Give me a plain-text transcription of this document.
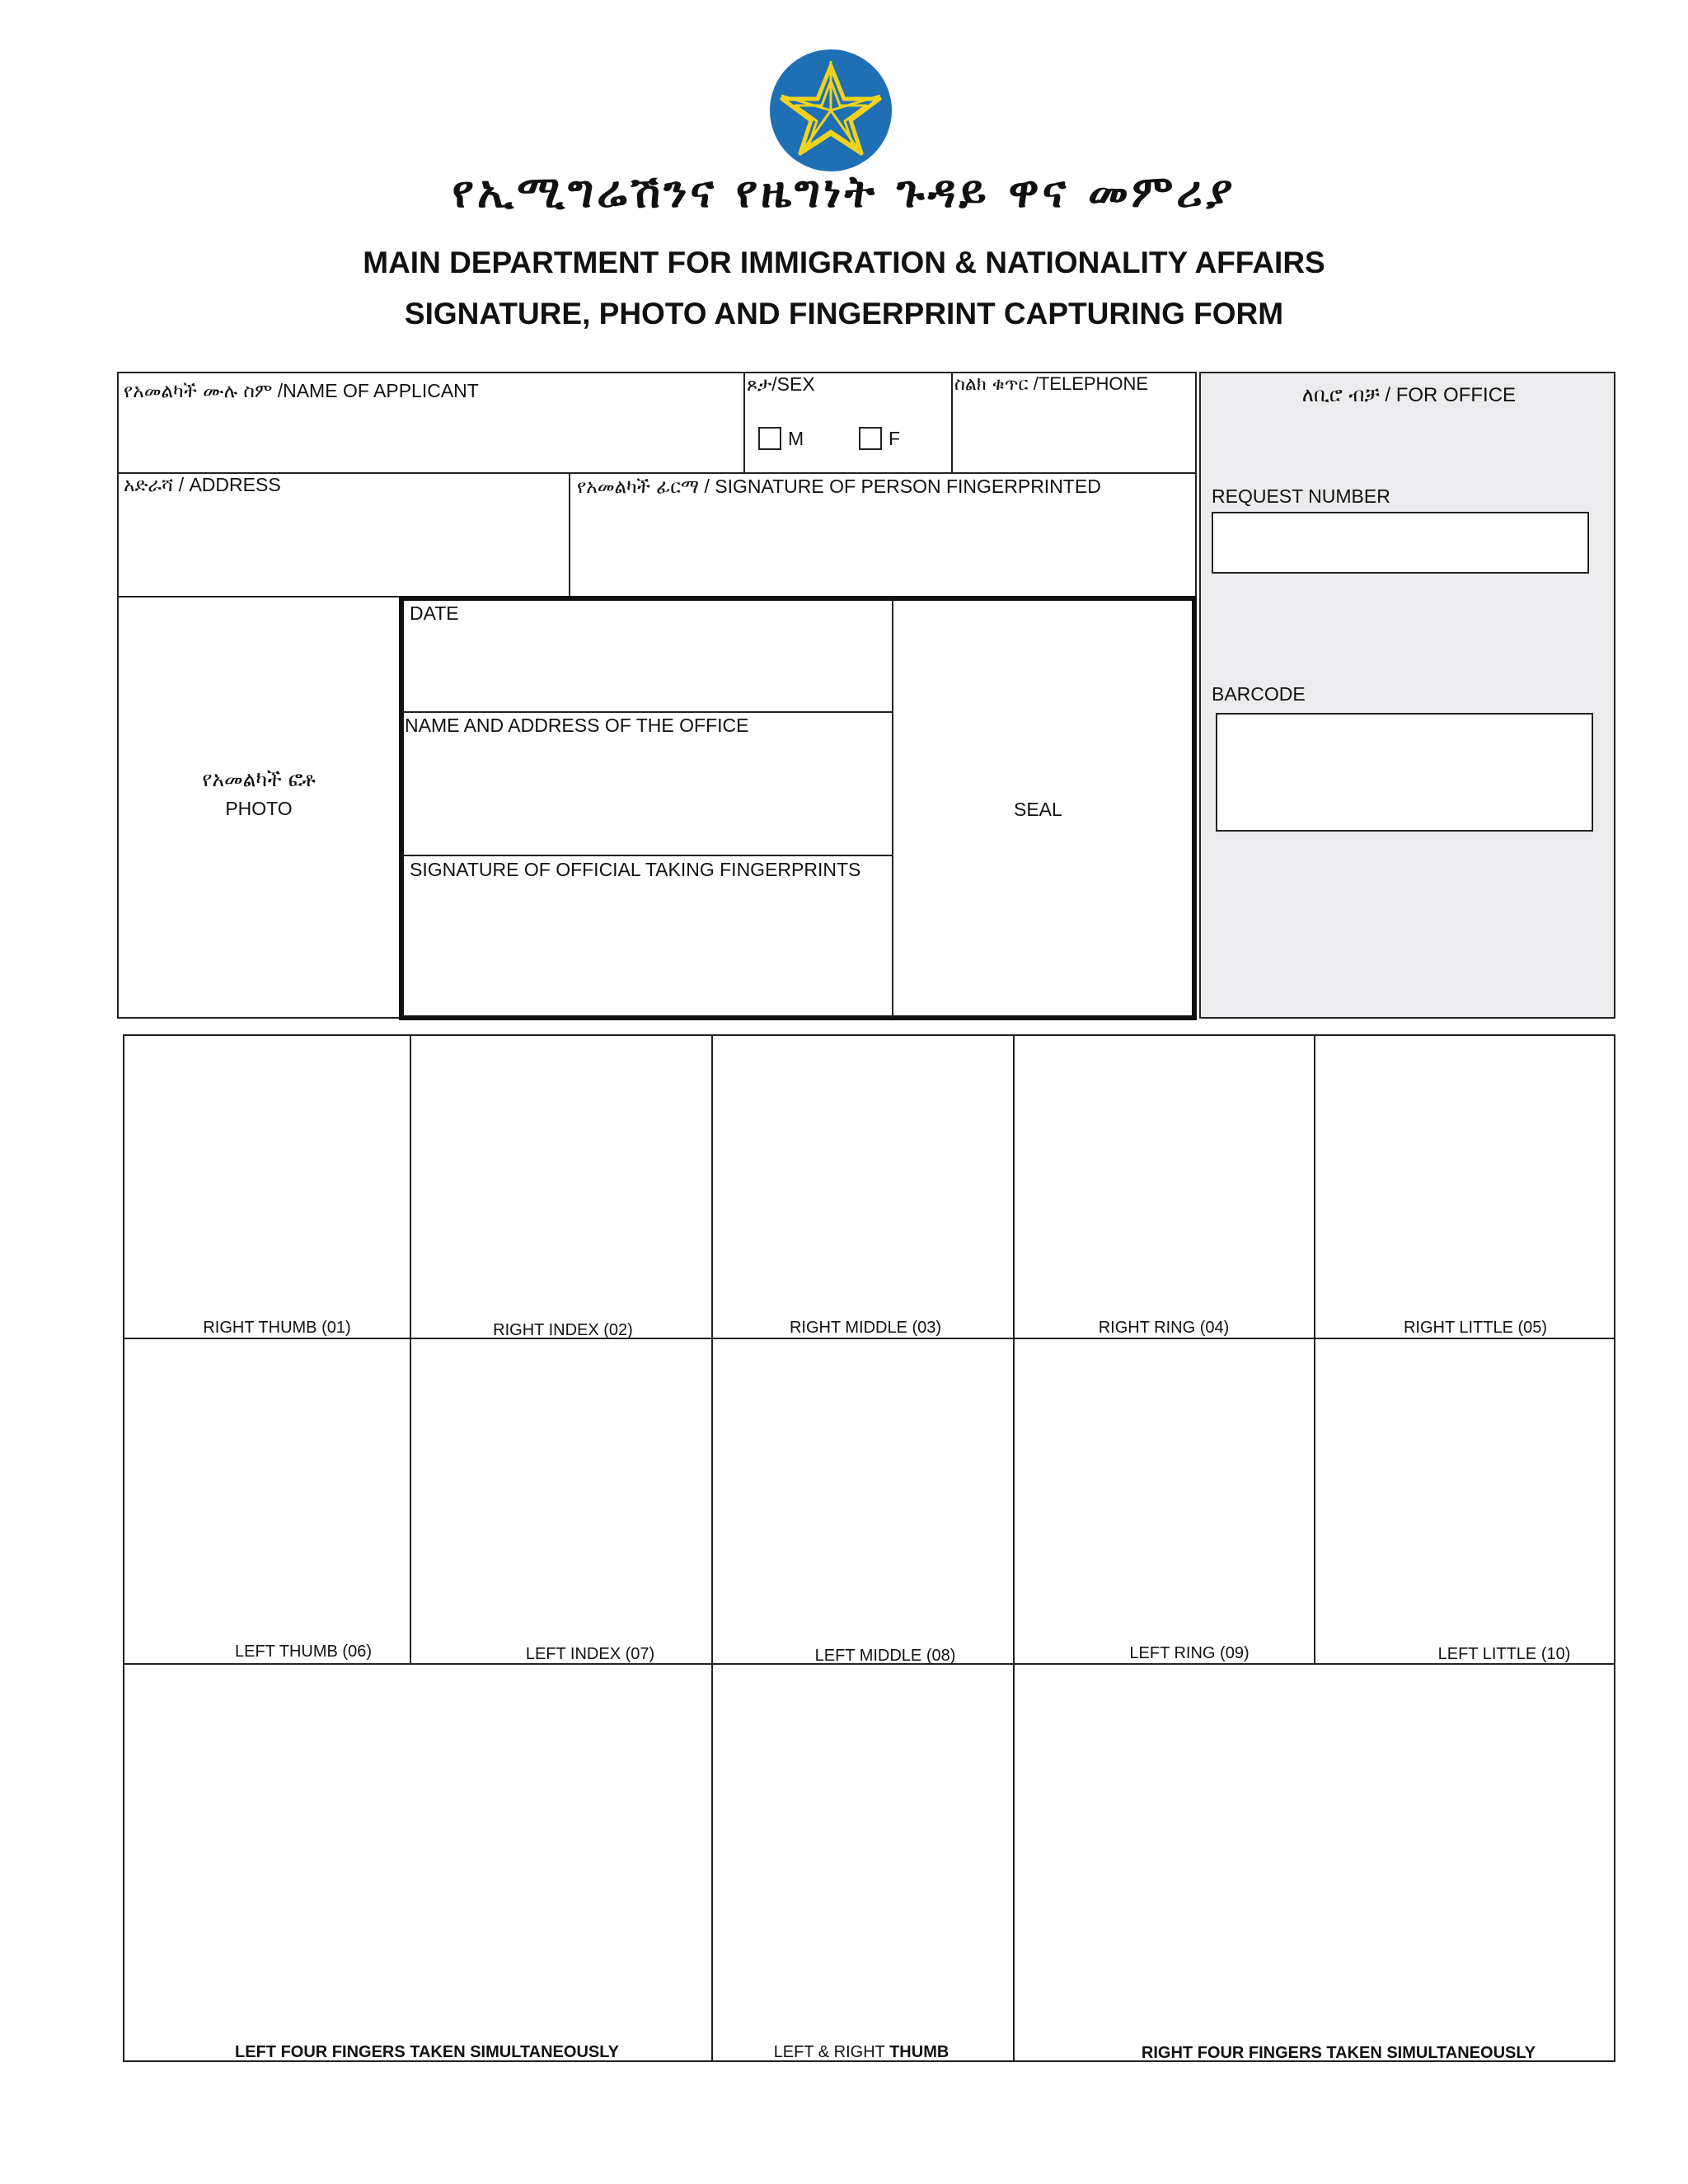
የኢሚግሬሽንና የዜግነት ጉዳይ ዋና መምሪያ
MAIN DEPARTMENT FOR IMMIGRATION & NATIONALITY AFFAIRS
SIGNATURE, PHOTO AND FINGERPRINT CAPTURING FORM
የአመልካች ሙሉ ስም /NAME OF APPLICANT	ጾታ/SEX
M	F
ስልክ ቁጥር /TELEPHONE
አድራሻ / ADDRESS	የአመልካች ፊርማ / SIGNATURE OF PERSON FINGERPRINTED
የአመልካች ፎቶ
PHOTO
DATE
NAME AND ADDRESS OF THE OFFICE
SIGNATURE OF OFFICIAL TAKING FINGERPRINTS
SEAL
ለቢሮ ብቻ / FOR OFFICE
REQUEST NUMBER
BARCODE
RIGHT THUMB (01)	RIGHT INDEX (02)	RIGHT MIDDLE (03)	RIGHT RING (04)	RIGHT LITTLE (05)
LEFT THUMB (06)	LEFT INDEX (07)	LEFT MIDDLE (08)	LEFT RING (09)	LEFT LITTLE (10)
LEFT FOUR FINGERS TAKEN SIMULTANEOUSLY	LEFT & RIGHT THUMB	RIGHT FOUR FINGERS TAKEN SIMULTANEOUSLY
